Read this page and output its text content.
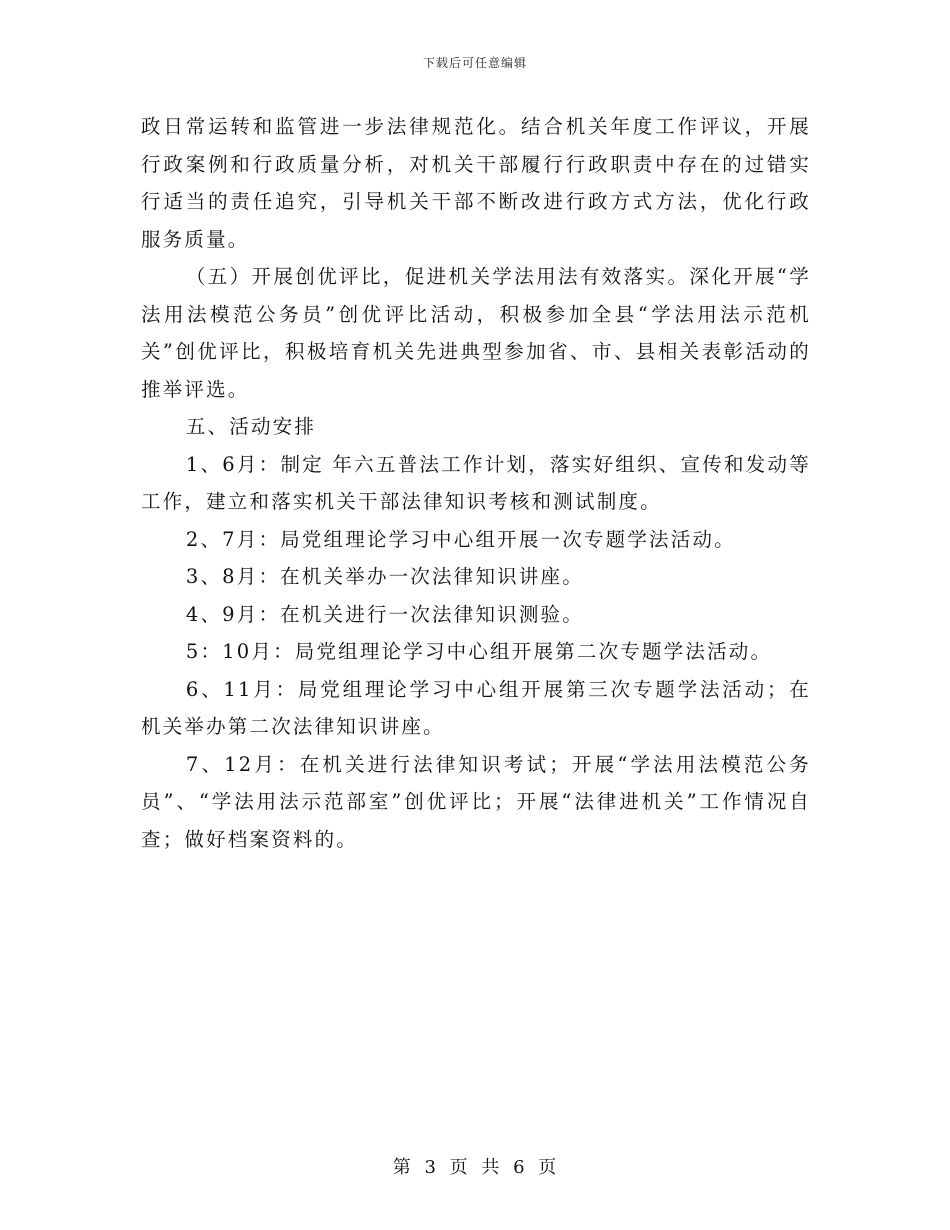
下载后可任意编辑

政日常运转和监管进一步法律规范化。结合机关年度工作评议，开展行政案例和行政质量分析，对机关干部履行行政职责中存在的过错实行适当的责任追究，引导机关干部不断改进行政方式方法，优化行政服务质量。

（五）开展创优评比，促进机关学法用法有效落实。深化开展“学法用法模范公务员”创优评比活动，积极参加全县“学法用法示范机关”创优评比，积极培育机关先进典型参加省、市、县相关表彰活动的推举评选。

五、活动安排

1、6月：制定 年六五普法工作计划，落实好组织、宣传和发动等工作，建立和落实机关干部法律知识考核和测试制度。

2、7月：局党组理论学习中心组开展一次专题学法活动。

3、8月：在机关举办一次法律知识讲座。

4、9月：在机关进行一次法律知识测验。

5：10月：局党组理论学习中心组开展第二次专题学法活动。

6、11月：局党组理论学习中心组开展第三次专题学法活动；在机关举办第二次法律知识讲座。

7、12月：在机关进行法律知识考试；开展“学法用法模范公务员”、“学法用法示范部室”创优评比；开展“法律进机关”工作情况自查；做好档案资料的。

第 3 页 共 6 页
